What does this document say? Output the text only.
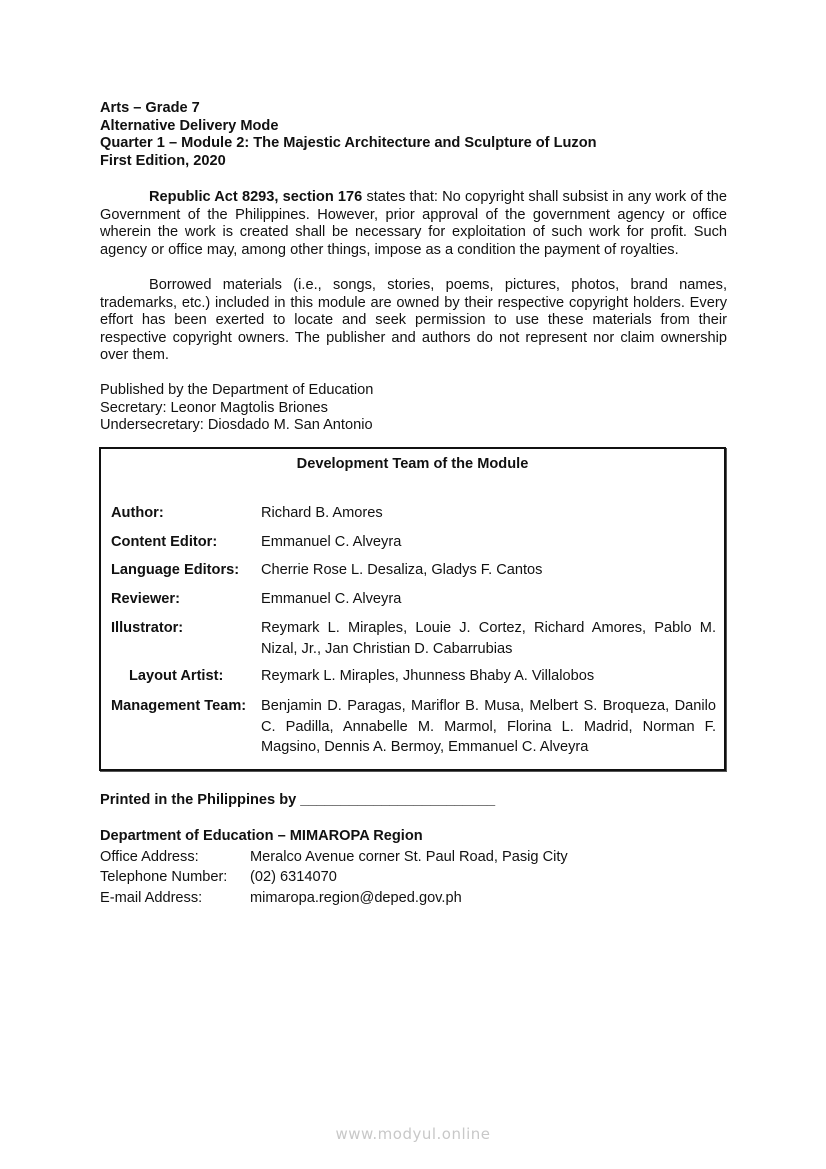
Arts – Grade 7
Alternative Delivery Mode
Quarter 1 – Module 2: The Majestic Architecture and Sculpture of Luzon
First Edition, 2020
Republic Act 8293, section 176 states that: No copyright shall subsist in any work of the Government of the Philippines. However, prior approval of the government agency or office wherein the work is created shall be necessary for exploitation of such work for profit. Such agency or office may, among other things, impose as a condition the payment of royalties.
Borrowed materials (i.e., songs, stories, poems, pictures, photos, brand names, trademarks, etc.) included in this module are owned by their respective copyright holders. Every effort has been exerted to locate and seek permission to use these materials from their respective copyright owners. The publisher and authors do not represent nor claim ownership over them.
Published by the Department of Education
Secretary: Leonor Magtolis Briones
Undersecretary: Diosdado M. San Antonio
Development Team of the Module
Author:	Richard B. Amores
Content Editor:	Emmanuel C. Alveyra
Language Editors: Cherrie Rose L. Desaliza, Gladys F. Cantos
Reviewer:	Emmanuel C. Alveyra
Illustrator:	Reymark L. Miraples, Louie J. Cortez, Richard Amores, Pablo M. Nizal, Jr., Jan Christian D. Cabarrubias
Layout Artist:	Reymark L. Miraples, Jhunness Bhaby A. Villalobos
Management Team: Benjamin D. Paragas, Mariflor B. Musa, Melbert S. Broqueza, Danilo C. Padilla, Annabelle M. Marmol, Florina L. Madrid, Norman F. Magsino, Dennis A. Bermoy, Emmanuel C. Alveyra
Printed in the Philippines by ________________________
Department of Education – MIMAROPA Region
Office Address:	Meralco Avenue corner St. Paul Road, Pasig City
Telephone Number: (02) 6314070
E-mail Address:	mimaropa.region@deped.gov.ph
www.modyul.online
